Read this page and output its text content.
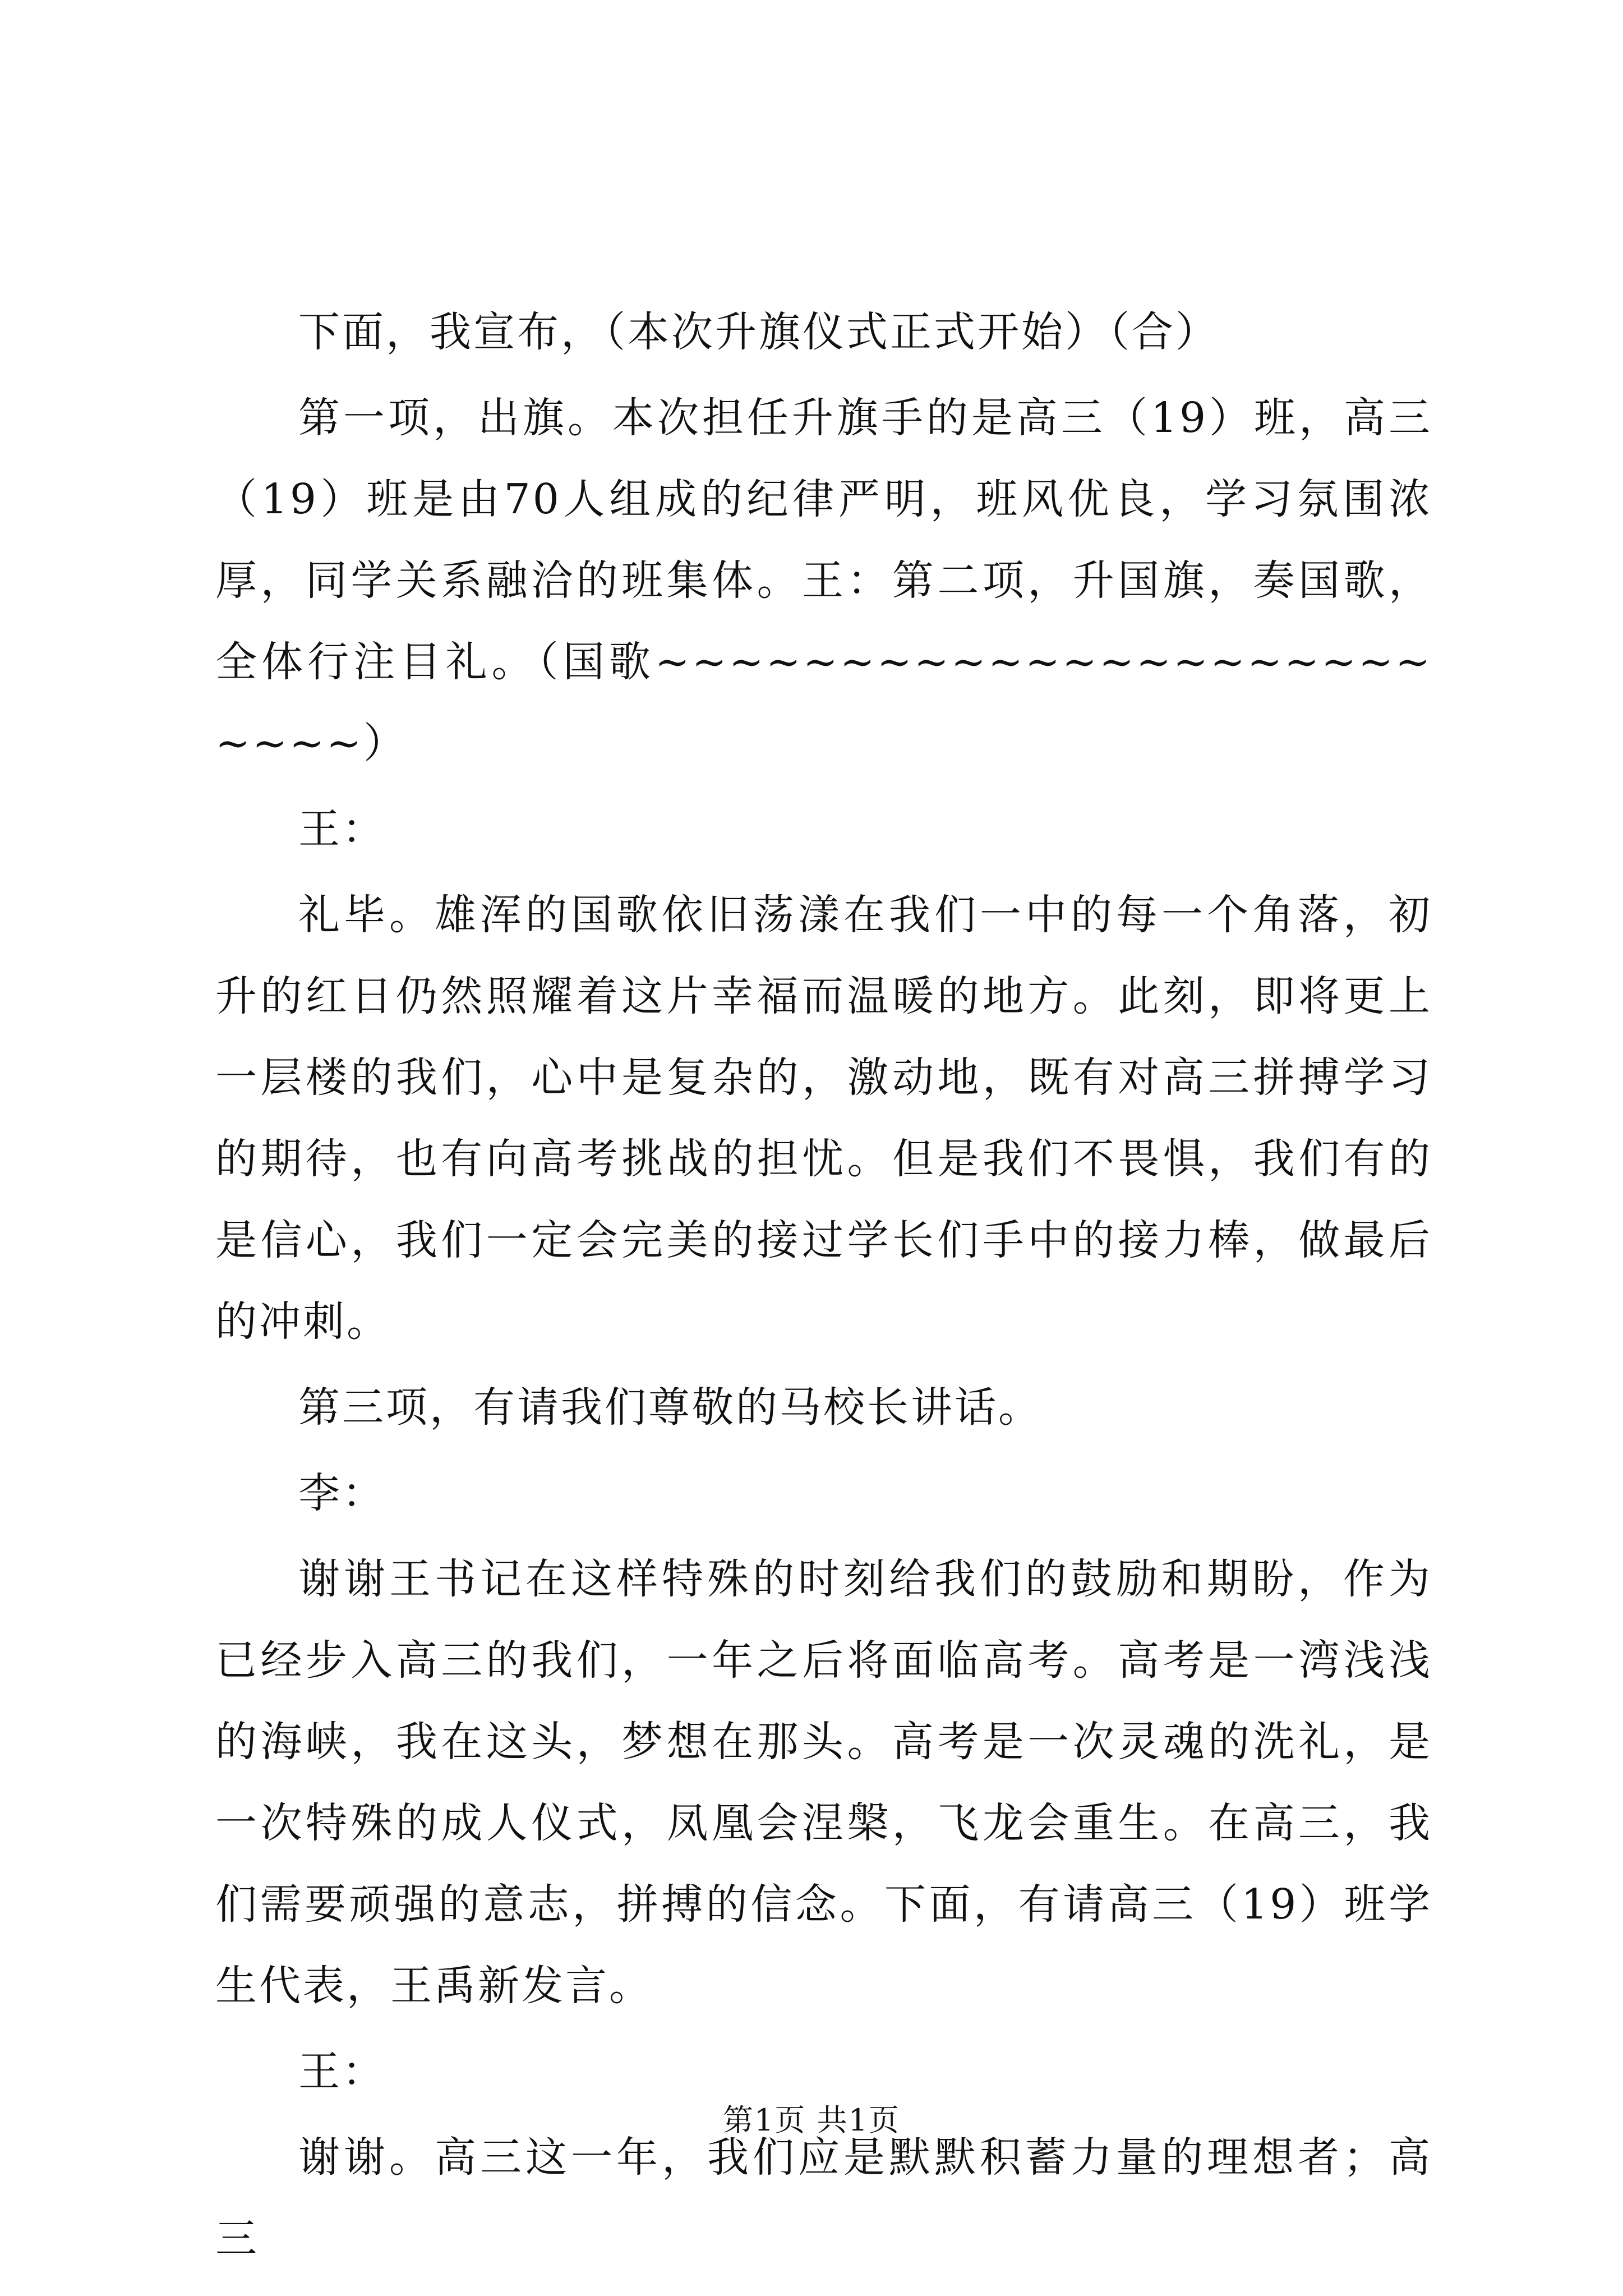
下面，我宣布，（本次升旗仪式正式开始）（合）

第一项，出旗。本次担任升旗手的是高三（19）班，高三（19）班是由70人组成的纪律严明，班风优良，学习氛围浓厚，同学关系融洽的班集体。王：第二项，升国旗，奏国歌，全体行注目礼。（国歌~~~~~~~~~~~~~~~~~~~~~~~~~）

王：

礼毕。雄浑的国歌依旧荡漾在我们一中的每一个角落，初升的红日仍然照耀着这片幸福而温暖的地方。此刻，即将更上一层楼的我们，心中是复杂的，激动地，既有对高三拼搏学习的期待，也有向高考挑战的担忧。但是我们不畏惧，我们有的是信心，我们一定会完美的接过学长们手中的接力棒，做最后的冲刺。

第三项，有请我们尊敬的马校长讲话。

李：

谢谢王书记在这样特殊的时刻给我们的鼓励和期盼，作为已经步入高三的我们，一年之后将面临高考。高考是一湾浅浅的海峡，我在这头，梦想在那头。高考是一次灵魂的洗礼，是一次特殊的成人仪式，凤凰会涅槃，飞龙会重生。在高三，我们需要顽强的意志，拼搏的信念。下面，有请高三（19）班学生代表，王禹新发言。

王：

谢谢。高三这一年，我们应是默默积蓄力量的理想者；高三

第1页 共1页
